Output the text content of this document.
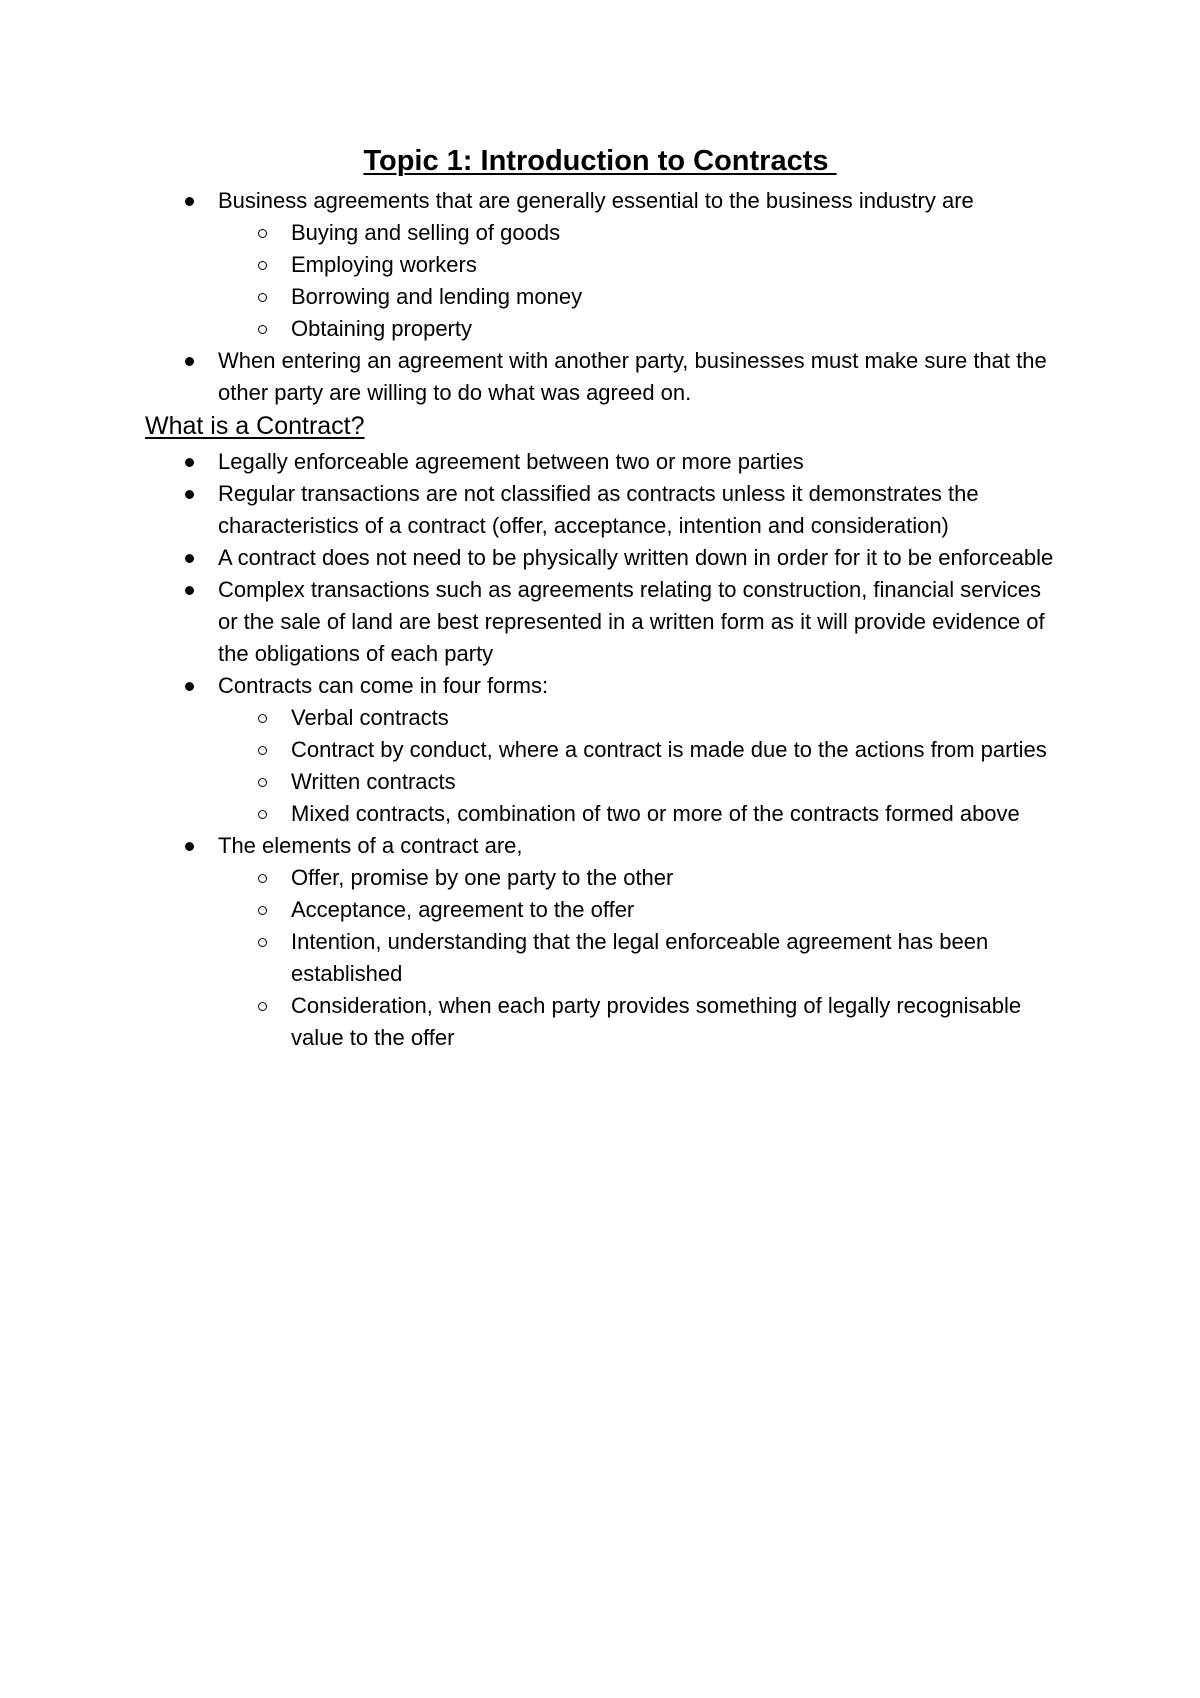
Topic 1: Introduction to Contracts
Business agreements that are generally essential to the business industry are
Buying and selling of goods
Employing workers
Borrowing and lending money
Obtaining property
When entering an agreement with another party, businesses must make sure that the other party are willing to do what was agreed on.
What is a Contract?
Legally enforceable agreement between two or more parties
Regular transactions are not classified as contracts unless it demonstrates the characteristics of a contract (offer, acceptance, intention and consideration)
A contract does not need to be physically written down in order for it to be enforceable
Complex transactions such as agreements relating to construction, financial services or the sale of land are best represented in a written form as it will provide evidence of the obligations of each party
Contracts can come in four forms:
Verbal contracts
Contract by conduct, where a contract is made due to the actions from parties
Written contracts
Mixed contracts, combination of two or more of the contracts formed above
The elements of a contract are,
Offer, promise by one party to the other
Acceptance, agreement to the offer
Intention, understanding that the legal enforceable agreement has been established
Consideration, when each party provides something of legally recognisable value to the offer
